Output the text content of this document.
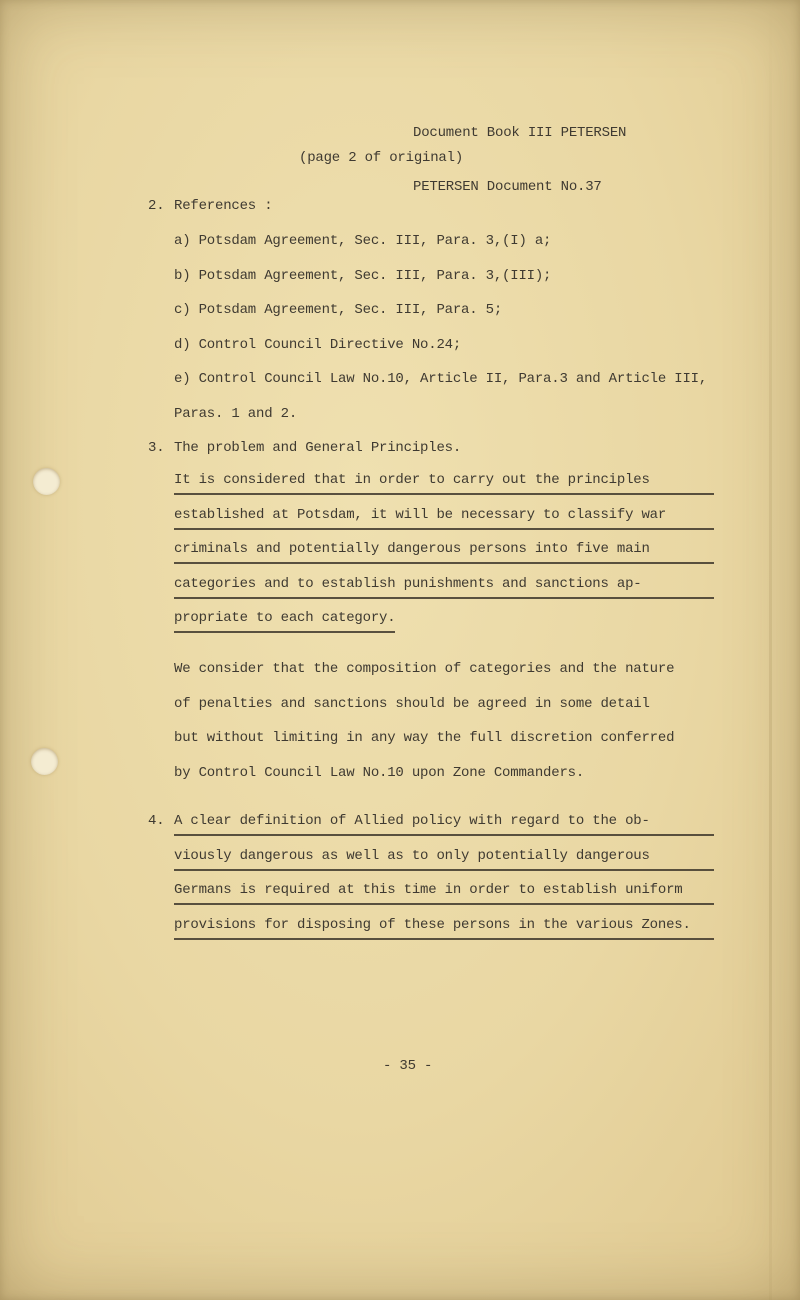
Document Book III PETERSEN

PETERSEN Document No.37

(page 2 of original)
2. References :
a) Potsdam Agreement, Sec. III, Para. 3,(I) a;
b) Potsdam Agreement, Sec. III, Para. 3,(III);
c) Potsdam Agreement, Sec. III, Para. 5;
d) Control Council Directive No.24;
e) Control Council Law No.10, Article II, Para.3 and Article III,
Paras. 1 and 2.
3. The problem and General Principles.
It is considered that in order to carry out the principles
established at Potsdam, it will be necessary to classify war
criminals and potentially dangerous persons into five main
categories and to establish punishments and sanctions ap-
propriate to each category.
We consider that the composition of categories and the nature
of penalties and sanctions should be agreed in some detail
but without limiting in any way the full discretion conferred
by Control Council Law No.10 upon Zone Commanders.
4. A clear definition of Allied policy with regard to the ob-
viously dangerous as well as to only potentially dangerous
Germans is required at this time in order to establish uniform
provisions for disposing of these persons in the various Zones.
- 35 -
